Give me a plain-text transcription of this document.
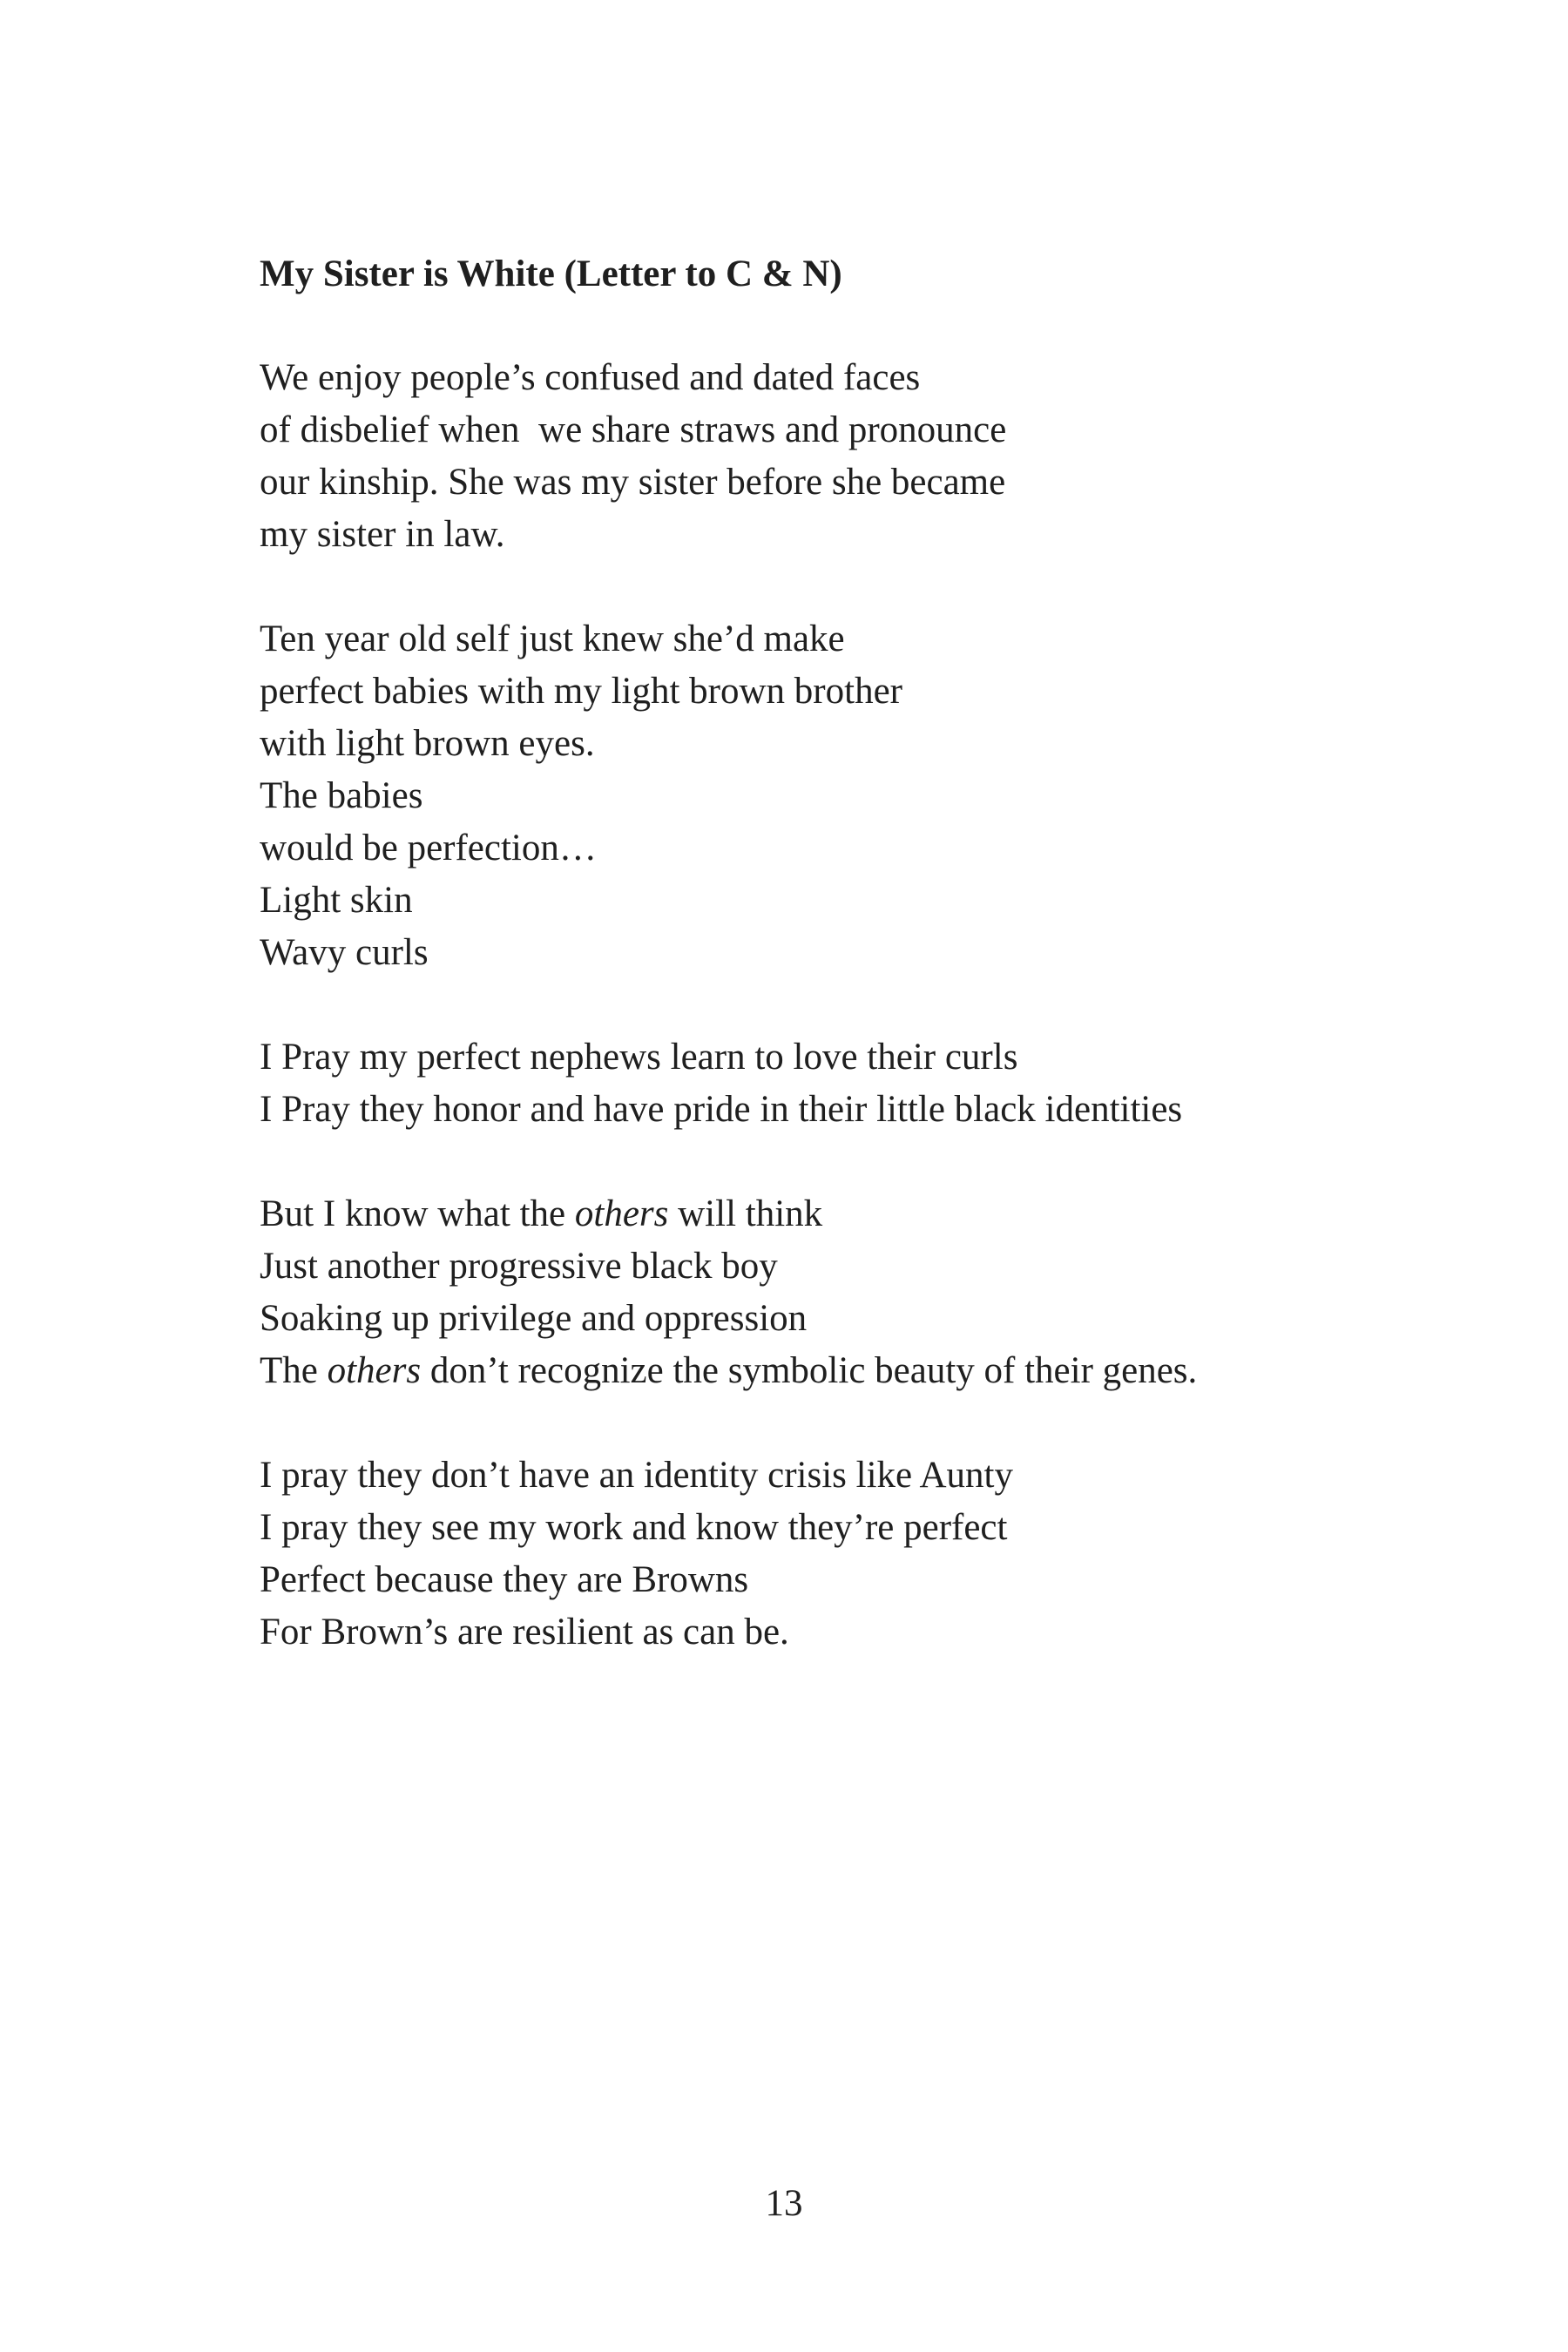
My Sister is White (Letter to C & N)
We enjoy people’s confused and dated faces
of disbelief when  we share straws and pronounce
our kinship. She was my sister before she became
my sister in law.
Ten year old self just knew she’d make
perfect babies with my light brown brother
with light brown eyes.
The babies
would be perfection…
Light skin
Wavy curls
I Pray my perfect nephews learn to love their curls
I Pray they honor and have pride in their little black identities
But I know what the others will think
Just another progressive black boy
Soaking up privilege and oppression
The others don’t recognize the symbolic beauty of their genes.
I pray they don’t have an identity crisis like Aunty
I pray they see my work and know they’re perfect
Perfect because they are Browns
For Brown’s are resilient as can be.
13
